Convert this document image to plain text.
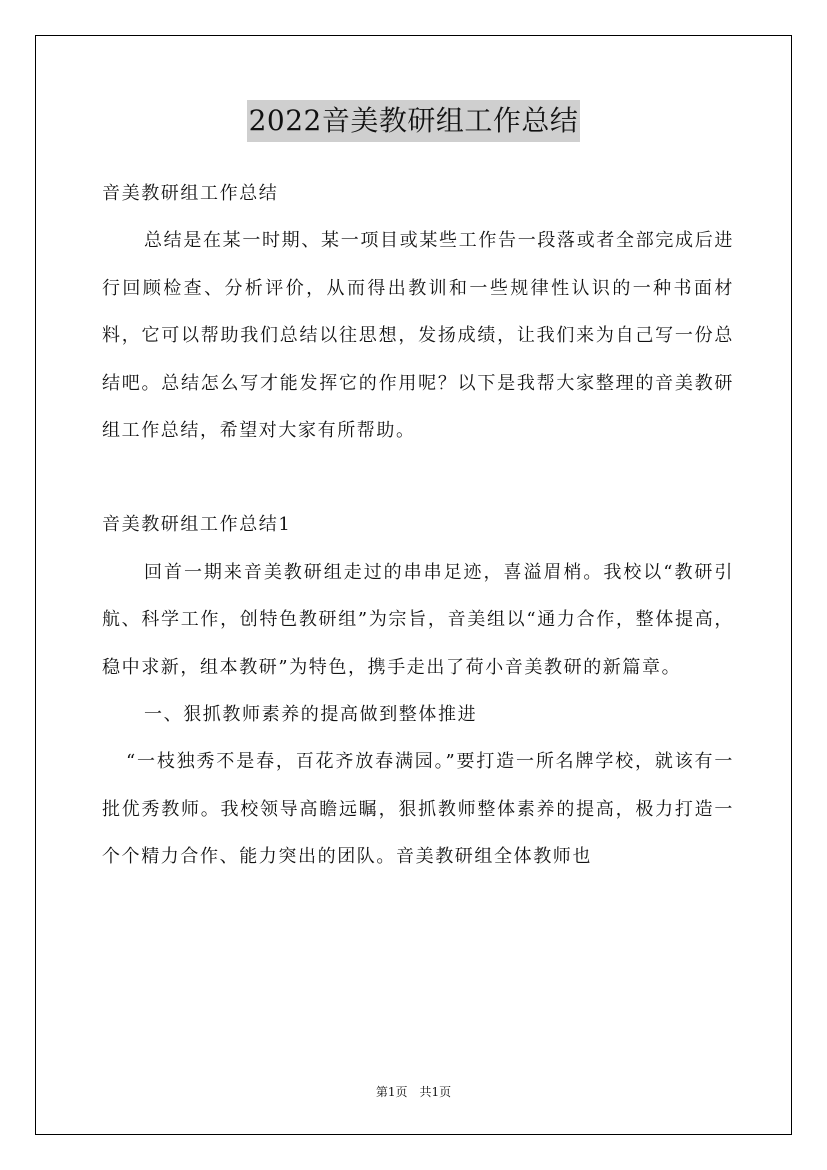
2022音美教研组工作总结

音美教研组工作总结

总结是在某一时期、某一项目或某些工作告一段落或者全部完成后进行回顾检查、分析评价，从而得出教训和一些规律性认识的一种书面材料，它可以帮助我们总结以往思想，发扬成绩，让我们来为自己写一份总结吧。总结怎么写才能发挥它的作用呢？以下是我帮大家整理的音美教研组工作总结，希望对大家有所帮助。

音美教研组工作总结1

回首一期来音美教研组走过的串串足迹，喜溢眉梢。我校以“教研引航、科学工作，创特色教研组”为宗旨，音美组以“通力合作，整体提高，稳中求新，组本教研”为特色，携手走出了荷小音美教研的新篇章。

一、狠抓教师素养的提高做到整体推进

“一枝独秀不是春，百花齐放春满园。”要打造一所名牌学校，就该有一批优秀教师。我校领导高瞻远瞩，狠抓教师整体素养的提高，极力打造一个个精力合作、能力突出的团队。音美教研组全体教师也

第1页 共1页
